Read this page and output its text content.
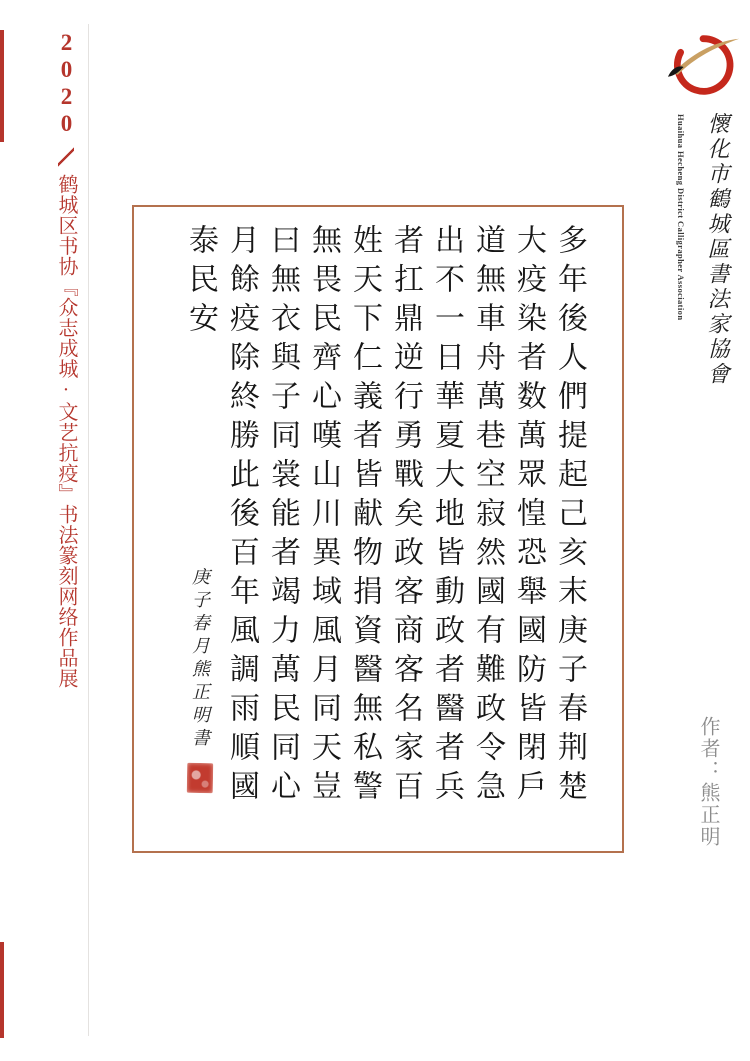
2020鹤城区书协『众志成城·文艺抗疫』书法篆刻网络作品展	懷化市鶴城區書法家協會
Huaihua Hecheng District Calligrapher Association
作者：熊正明
多年後人們提起己亥末庚子春荆楚
大疫染者数萬眾惶恐舉國防皆閉戶
道無車舟萬巷空寂然國有難政令急
出不一日華夏大地皆動政者醫者兵
者扛鼎逆行勇戰矣政客商客名家百
姓天下仁義者皆献物捐資醫無私警
無畏民齊心嘆山川異域風月同天豈
曰無衣與子同裳能者竭力萬民同心
月餘疫除終勝此後百年風調雨順國
泰民安庚子春月熊正明書
